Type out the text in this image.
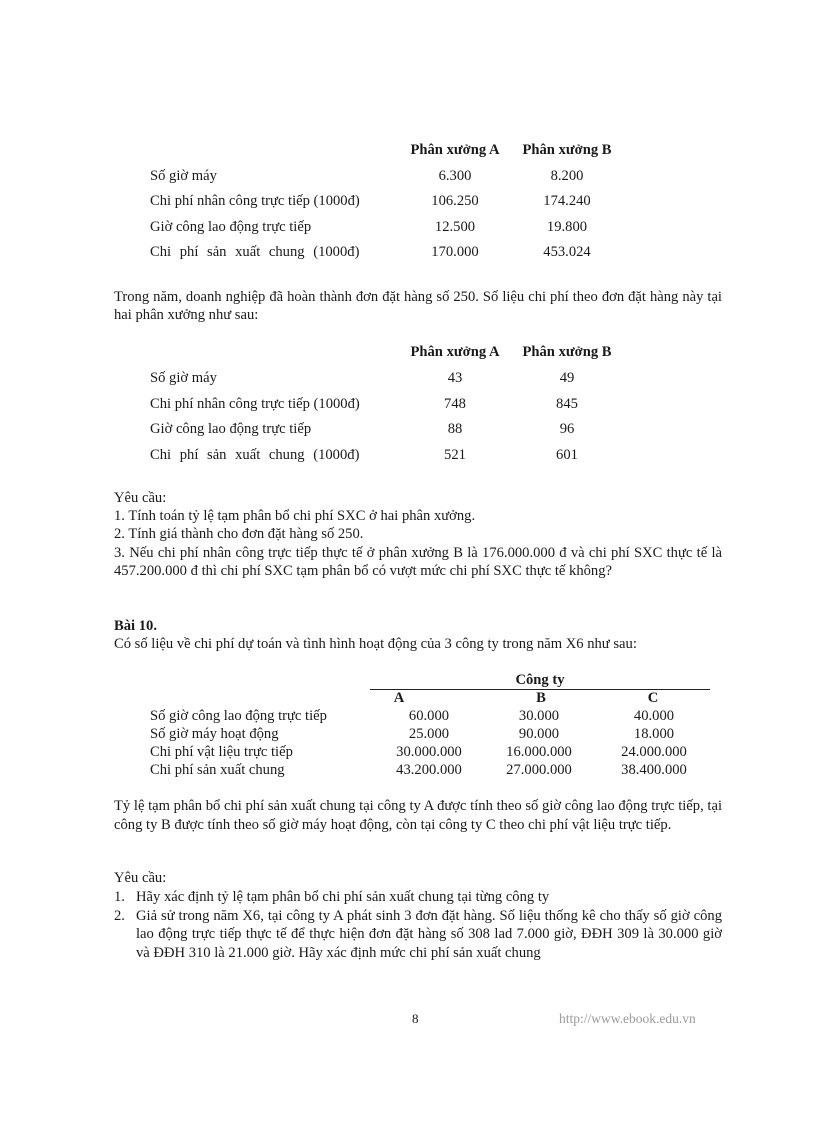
Phân xưởng A	Phân xưởng B
Số giờ máy	6.300	8.200
Chi phí nhân công trực tiếp (1000đ)	106.250	174.240
Giờ công lao động trực tiếp	12.500	19.800
Chi phí sản xuất chung (1000đ)	170.000	453.024

Trong năm, doanh nghiệp đã hoàn thành đơn đặt hàng số 250. Số liệu chi phí theo đơn đặt hàng này tại hai phân xưởng như sau:

Phân xưởng A	Phân xưởng B
Số giờ máy	43	49
Chi phí nhân công trực tiếp (1000đ)	748	845
Giờ công lao động trực tiếp	88	96
Chi phí sản xuất chung (1000đ)	521	601
Yêu cầu:
1. Tính toán tỷ lệ tạm phân bổ chi phí SXC ở hai phân xưởng.
2. Tính giá thành cho đơn đặt hàng số 250.

3. Nếu chi phí nhân công trực tiếp thực tế ở phân xưởng B là 176.000.000 đ và chi phí SXC thực tế là 457.200.000 đ thì chi phí SXC tạm phân bổ có vượt mức chi phí SXC thực tế không?

Bài 10.
Có số liệu về chi phí dự toán và tình hình hoạt động của 3 công ty trong năm X6 như sau:
Công ty
A	B	C
Số giờ công lao động trực tiếp	60.000	30.000	40.000
Số giờ máy hoạt động	25.000	90.000	18.000
Chi phí vật liệu trực tiếp	30.000.000	16.000.000	24.000.000
Chi phí sản xuất chung	43.200.000	27.000.000	38.400.000

Tỷ lệ tạm phân bổ chi phí sản xuất chung tại công ty A được tính theo số giờ công lao động trực tiếp, tại công ty B được tính theo số giờ máy hoạt động, còn tại công ty C theo chi phí vật liệu trực tiếp.

Yêu cầu:
1. Hãy xác định tỷ lệ tạm phân bổ chi phí sản xuất chung tại từng công ty
2. Giả sử trong năm X6, tại công ty A phát sinh 3 đơn đặt hàng. Số liệu thống kê cho thấy số giờ công lao động trực tiếp thực tế để thực hiện đơn đặt hàng số 308 lad 7.000 giờ, ĐĐH 309 là 30.000 giờ và ĐĐH 310 là 21.000 giờ. Hãy xác định mức chi phí sản xuất chung
8	http://www.ebook.edu.vn
